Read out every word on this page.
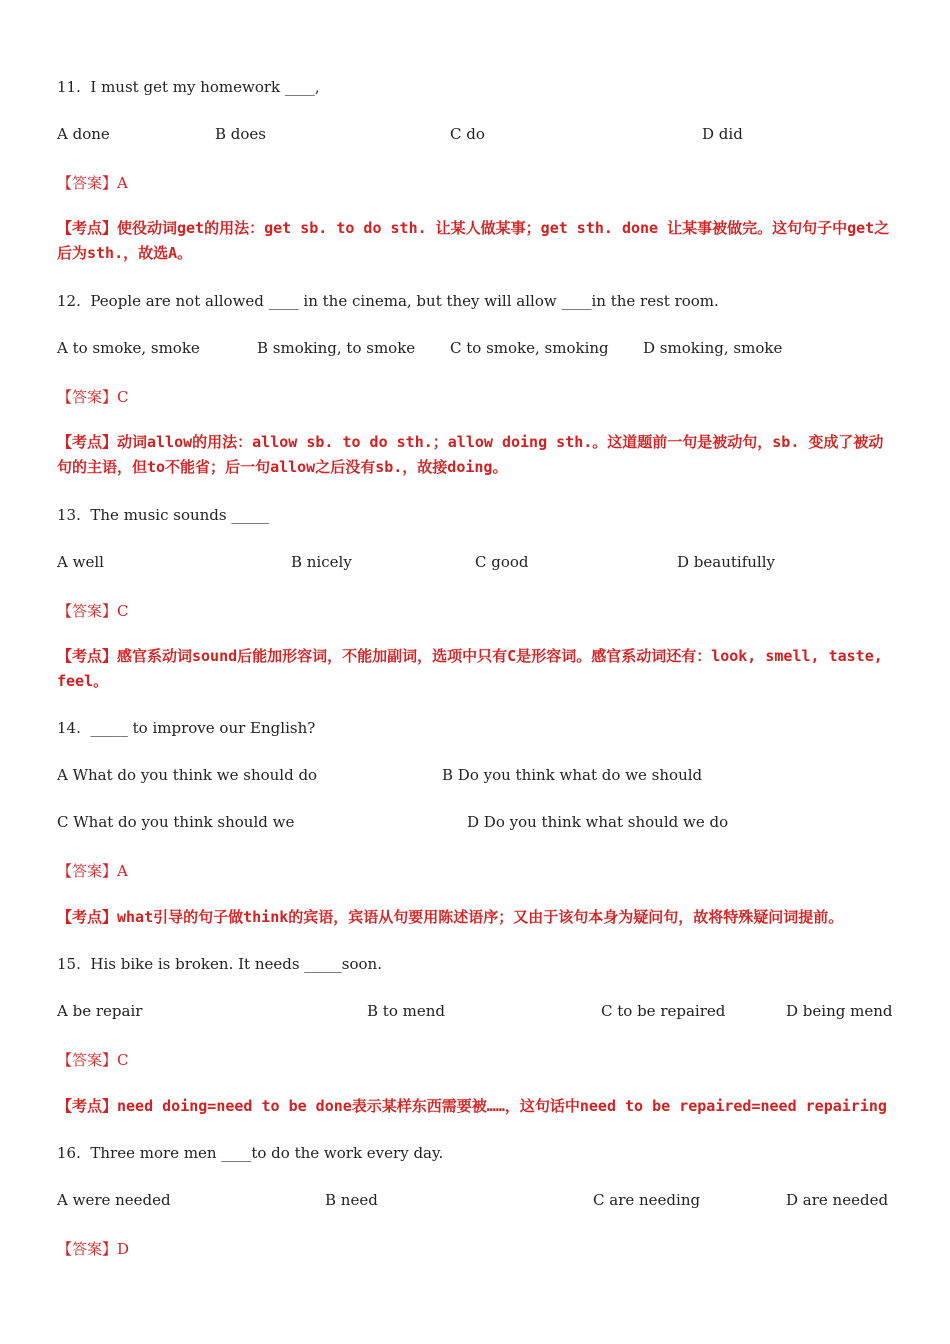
11.  I must get my homework ____,
A done	B does	C do	D did
【答案】A
【考点】使役动词get的用法：get sb. to do sth. 让某人做某事；get sth. done 让某事被做完。这句句子中get之后为sth.，故选A。
12.  People are not allowed ____ in the cinema, but they will allow ____in the rest room.
A to smoke, smoke	B smoking, to smoke C to smoke, smoking D smoking, smoke
【答案】C
【考点】动词allow的用法：allow sb. to do sth.；allow doing sth.。这道题前一句是被动句，sb. 变成了被动句的主语，但to不能省；后一句allow之后没有sb.，故接doing。
13.  The music sounds _____
A well	B nicely	C good	D beautifully
【答案】C
【考点】感官系动词sound后能加形容词，不能加副词，选项中只有C是形容词。感官系动词还有：look, smell, taste, feel。
14.  _____ to improve our English?
A What do you think we should do	B Do you think what do we should
C What do you think should we	D Do you think what should we do
【答案】A
【考点】what引导的句子做think的宾语，宾语从句要用陈述语序；又由于该句本身为疑问句，故将特殊疑问词提前。
15.  His bike is broken. It needs _____soon.
A be repair	B to mend	C to be repaired	D being mend
【答案】C
【考点】need doing=need to be done表示某样东西需要被……，这句话中need to be repaired=need repairing
16.  Three more men ____to do the work every day.
A were needed	B need	C are needing	D are needed
【答案】D
